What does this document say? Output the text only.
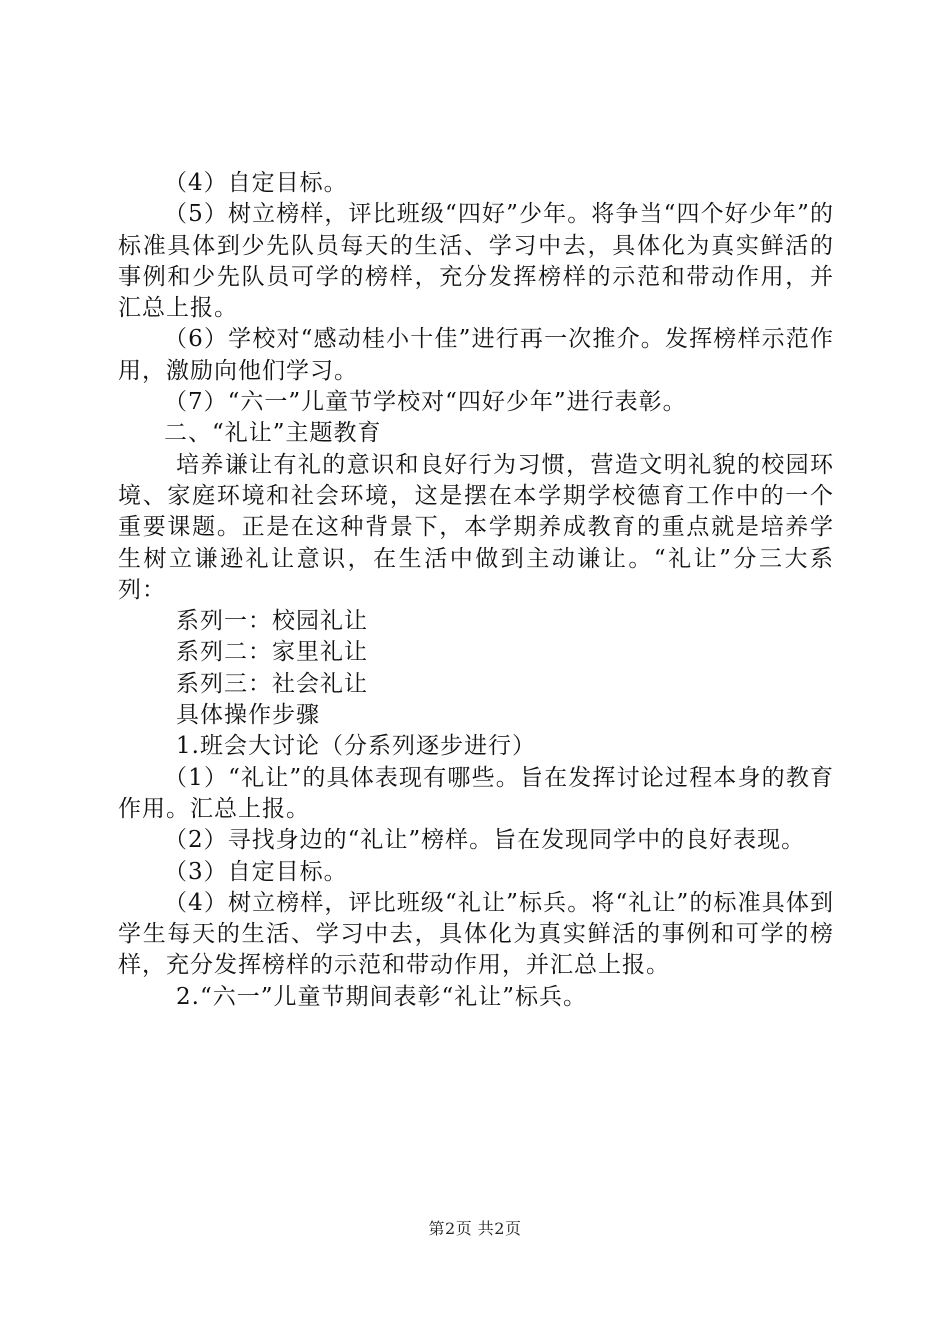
（4）自定目标。

（5）树立榜样，评比班级“四好”少年。将争当“四个好少年”的标准具体到少先队员每天的生活、学习中去，具体化为真实鲜活的事例和少先队员可学的榜样，充分发挥榜样的示范和带动作用，并汇总上报。

（6）学校对“感动桂小十佳”进行再一次推介。发挥榜样示范作用，激励向他们学习。

（7）“六一”儿童节学校对“四好少年”进行表彰。

二、“礼让”主题教育

培养谦让有礼的意识和良好行为习惯，营造文明礼貌的校园环境、家庭环境和社会环境，这是摆在本学期学校德育工作中的一个重要课题。正是在这种背景下，本学期养成教育的重点就是培养学生树立谦逊礼让意识，在生活中做到主动谦让。“礼让”分三大系列：

系列一：校园礼让

系列二：家里礼让

系列三：社会礼让

具体操作步骤

1.班会大讨论（分系列逐步进行）

（1）“礼让”的具体表现有哪些。旨在发挥讨论过程本身的教育作用。汇总上报。

（2）寻找身边的“礼让”榜样。旨在发现同学中的良好表现。

（3）自定目标。

（4）树立榜样，评比班级“礼让”标兵。将“礼让”的标准具体到学生每天的生活、学习中去，具体化为真实鲜活的事例和可学的榜样，充分发挥榜样的示范和带动作用，并汇总上报。

2.“六一”儿童节期间表彰“礼让”标兵。

第2页 共2页
